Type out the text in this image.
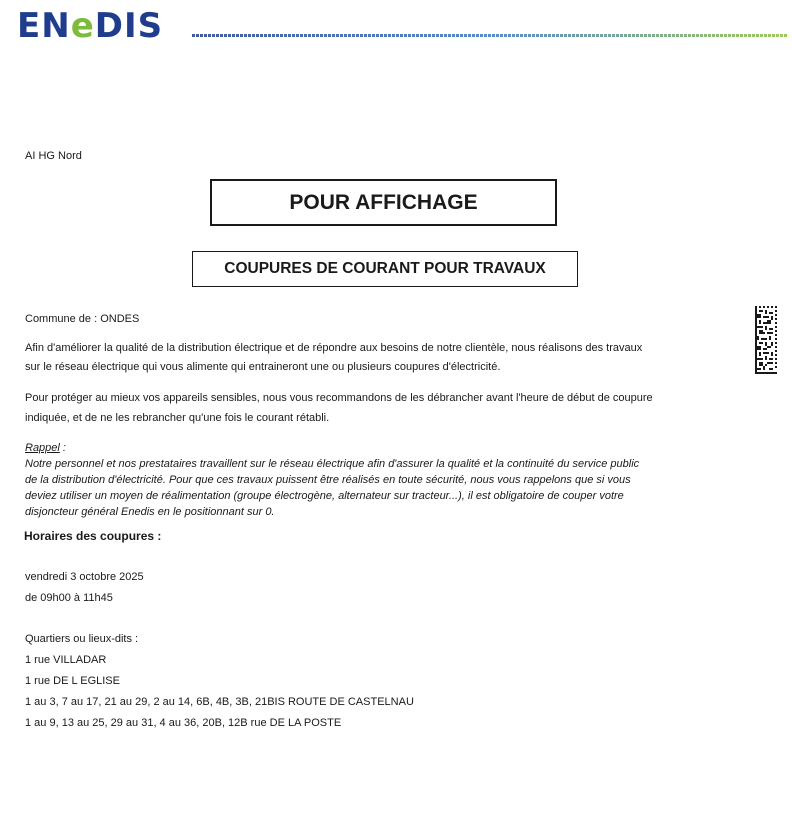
ENeDIS
AI HG Nord
POUR AFFICHAGE
COUPURES DE COURANT POUR TRAVAUX
Commune de : ONDES
Afin d'améliorer la qualité de la distribution électrique et de répondre aux besoins de notre clientèle, nous réalisons des travaux
sur le réseau électrique qui vous alimente qui entraineront une ou plusieurs coupures d'électricité.
Pour protéger au mieux vos appareils sensibles, nous vous recommandons de les débrancher avant l'heure de début de coupure
indiquée, et de ne les rebrancher qu'une fois le courant rétabli.
Rappel :
Notre personnel et nos prestataires travaillent sur le réseau électrique afin d'assurer la qualité et la continuité du service public
de la distribution d'électricité. Pour que ces travaux puissent être réalisés en toute sécurité, nous vous rappelons que si vous
deviez utiliser un moyen de réalimentation (groupe électrogène, alternateur sur tracteur...), il est obligatoire de couper votre
disjoncteur général Enedis en le positionnant sur 0.
Horaires des coupures :
vendredi 3 octobre 2025
de 09h00 à 11h45
Quartiers ou lieux-dits :
1 rue VILLADAR
1 rue DE L EGLISE
1 au 3, 7 au 17, 21 au 29, 2 au 14, 6B, 4B, 3B, 21BIS ROUTE DE CASTELNAU
1 au 9, 13 au 25, 29 au 31, 4 au 36, 20B, 12B rue DE LA POSTE
